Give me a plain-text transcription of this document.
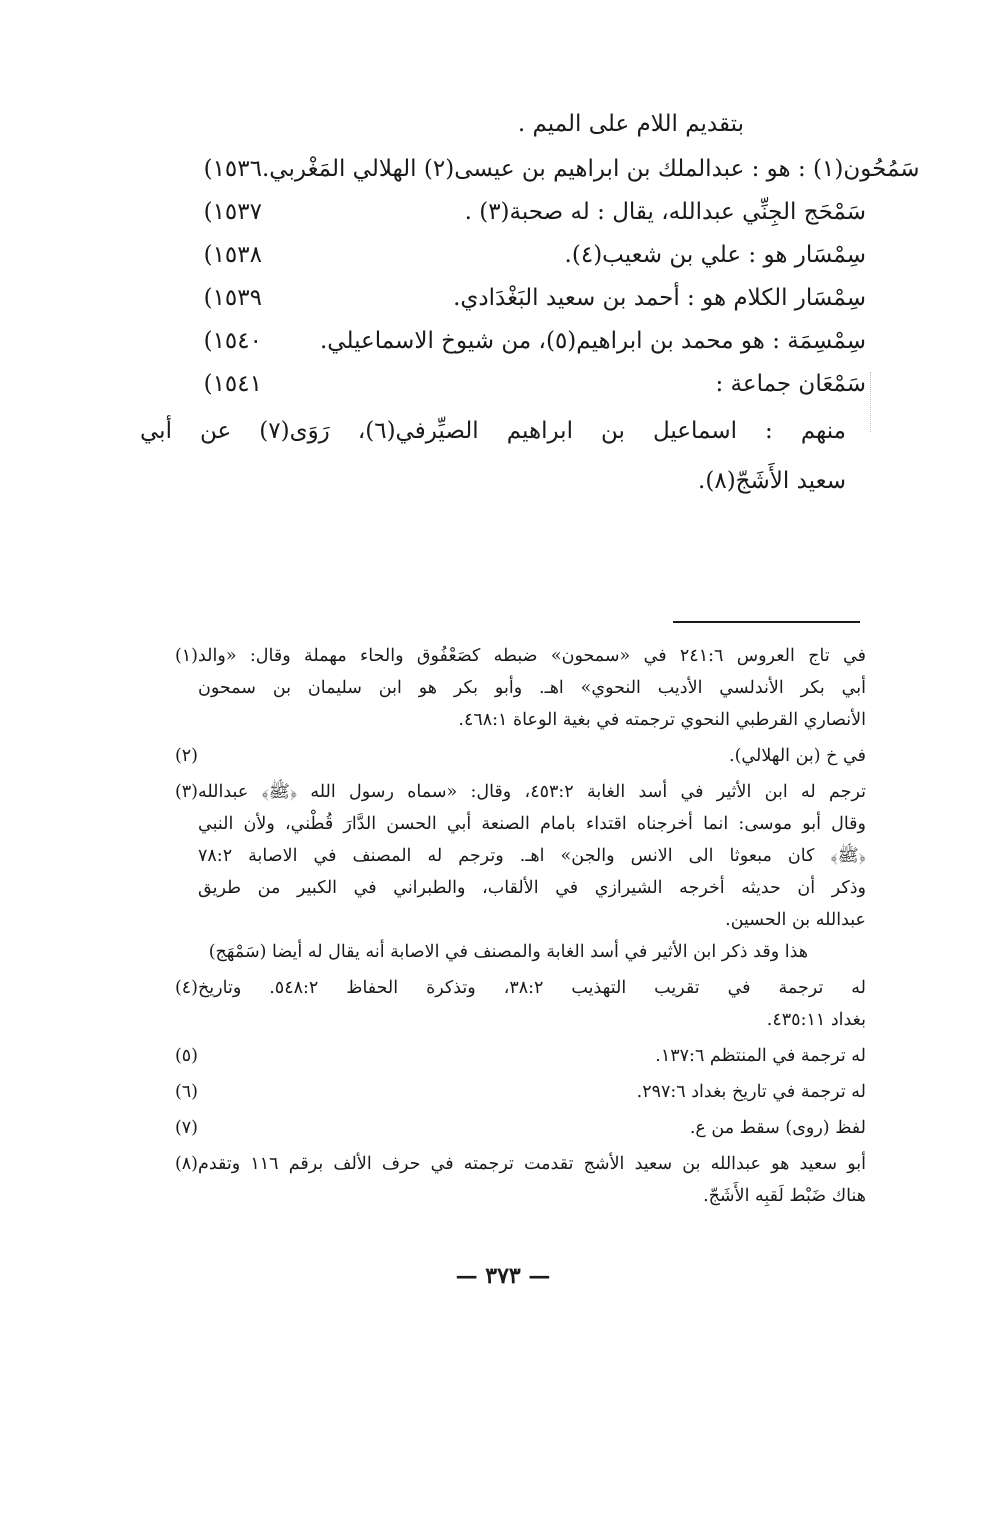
بتقديم اللام على الميم .
١٥٣٦) سَمُحُون(١) : هو : عبدالملك بن ابراهيم بن عيسى(٢) الهلالي المَغْربي.
١٥٣٧)	سَمْحَج الجِنِّي عبدالله، يقال : له صحبة(٣) .
١٥٣٨)	سِمْسَار هو : علي بن شعيب(٤).
١٥٣٩)	سِمْسَار الكلام هو : أحمد بن سعيد البَغْدَادي.
١٥٤٠)	سِمْسِمَة : هو محمد بن ابراهيم(٥)، من شيوخ الاسماعيلي.
١٥٤١)	سَمْعَان جماعة :
منهم : اسماعيل بن ابراهيم الصيِّرفي(٦)، رَوَى(٧) عن أبي
سعيد الأَشَجّ(٨).
(١) في تاج العروس ٢٤١:٦ في «سمحون» ضبطه كصَعْفُوق والحاء مهملة وقال: «والد
أبي بكر الأندلسي الأديب النحوي» اهـ. وأبو بكر هو ابن سليمان بن سمحون
الأنصاري القرطبي النحوي ترجمته في بغية الوعاة ٤٦٨:١.
(٢)	في خ (بن الهلالي).
(٣) ترجم له ابن الأثير في أسد الغابة ٤٥٣:٢، وقال: «سماه رسول الله ﴿ﷺ﴾ عبدالله
وقال أبو موسى: انما أخرجناه اقتداء بامام الصنعة أبي الحسن الدَّارَ قُطْني، ولأن النبي
﴿ﷺ﴾ كان مبعوثا الى الانس والجن» اهـ. وترجم له المصنف في الاصابة ٧٨:٢
وذكر أن حديثه أخرجه الشيرازي في الألقاب، والطبراني في الكبير من طريق
عبدالله بن الحسين.
هذا وقد ذكر ابن الأثير في أسد الغابة والمصنف في الاصابة أنه يقال له أيضا (سَمْهَج)
(٤) له ترجمة في تقريب التهذيب ٣٨:٢، وتذكرة الحفاظ ٥٤٨:٢. وتاريخ
بغداد ٤٣٥:١١.
(٥)	له ترجمة في المنتظم ١٣٧:٦.
(٦)	له ترجمة في تاريخ بغداد ٢٩٧:٦.
(٧)	لفظ (روى) سقط من ع.
(٨) أبو سعيد هو عبدالله بن سعيد الأشج تقدمت ترجمته في حرف الألف برقم ١١٦ وتقدم
هناك ضَبْط لَقبِه الأَشَجّ.
— ٣٧٣ —
